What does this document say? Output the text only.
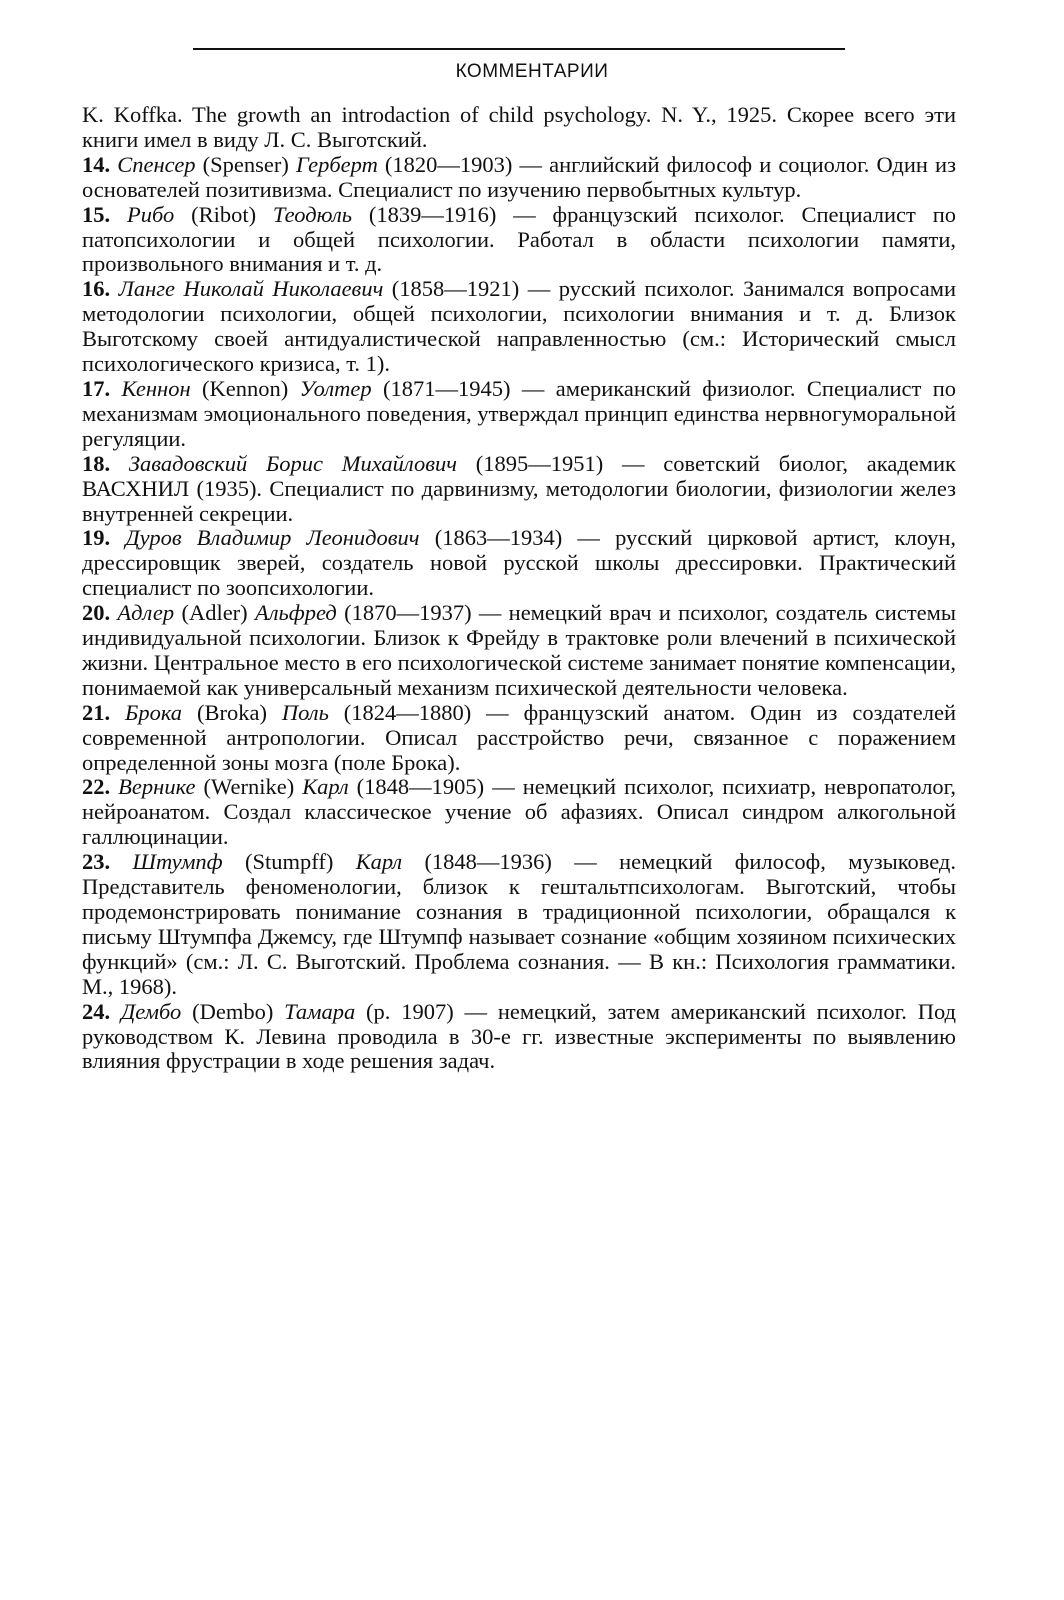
КОММЕНТАРИИ

K. Koffka. The growth an introdaction of child psychology. N. Y., 1925. Скорее всего эти книги имел в виду Л. С. Выготский.

14. Спенсер (Spenser) Герберт (1820—1903) — английский философ и социолог. Один из основателей позитивизма. Специалист по изучению первобытных культур.

15. Рибо (Ribot) Теодюль (1839—1916) — французский психолог. Специалист по патопсихологии и общей психологии. Работал в области психологии памяти, произвольного внимания и т. д.

16. Ланге Николай Николаевич (1858—1921) — русский психолог. Занимался вопросами методологии психологии, общей психологии, психологии внимания и т. д. Близок Выготскому своей антидуалистической направленностью (см.: Исторический смысл психологического кризиса, т. 1).

17. Кеннон (Kennon) Уолтер (1871—1945) — американский физиолог. Специалист по механизмам эмоционального поведения, утверждал принцип единства нервногуморальной регуляции.

18. Завадовский Борис Михайлович (1895—1951) — советский биолог, академик ВАСХНИЛ (1935). Специалист по дарвинизму, методологии биологии, физиологии желез внутренней секреции.

19. Дуров Владимир Леонидович (1863—1934) — русский цирковой артист, клоун, дрессировщик зверей, создатель новой русской школы дрессировки. Практический специалист по зоопсихологии.

20. Адлер (Adler) Альфред (1870—1937) — немецкий врач и психолог, создатель системы индивидуальной психологии. Близок к Фрейду в трактовке роли влечений в психической жизни. Центральное место в его психологической системе занимает понятие компенсации, понимаемой как универсальный механизм психической деятельности человека.

21. Брока (Broka) Поль (1824—1880) — французский анатом. Один из создателей современной антропологии. Описал расстройство речи, связанное с поражением определенной зоны мозга (поле Брока).

22. Вернике (Wernike) Карл (1848—1905) — немецкий психолог, психиатр, невропатолог, нейроанатом. Создал классическое учение об афазиях. Описал синдром алкогольной галлюцинации.

23. Штумпф (Stumpff) Карл (1848—1936) — немецкий философ, музыковед. Представитель феноменологии, близок к гештальтпсихологам. Выготский, чтобы продемонстрировать понимание сознания в традиционной психологии, обращался к письму Штумпфа Джемсу, где Штумпф называет сознание «общим хозяином психических функций» (см.: Л. С. Выготский. Проблема сознания. — В кн.: Психология грамматики. М., 1968).

24. Дембо (Dembo) Тамара (р. 1907) — немецкий, затем американский психолог. Под руководством К. Левина проводила в 30-е гг. известные эксперименты по выявлению влияния фрустрации в ходе решения задач.
